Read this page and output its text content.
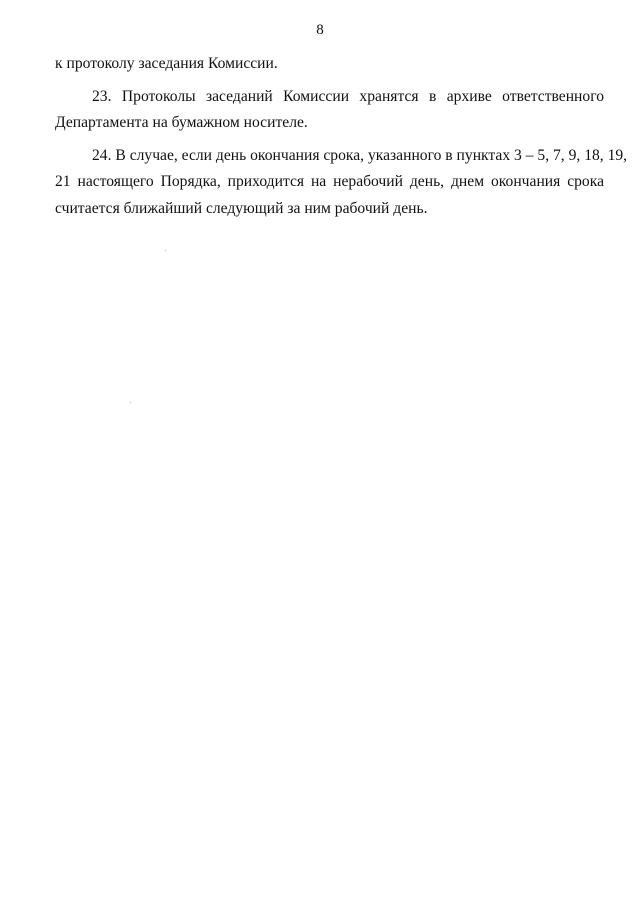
8
к протоколу заседания Комиссии.
23. Протоколы заседаний Комиссии хранятся в архиве ответственного
Департамента на бумажном носителе.
24. В случае, если день окончания срока, указанного в пунктах 3 – 5, 7, 9, 18, 19,
21 настоящего Порядка, приходится на нерабочий день, днем окончания срока
считается ближайший следующий за ним рабочий день.
